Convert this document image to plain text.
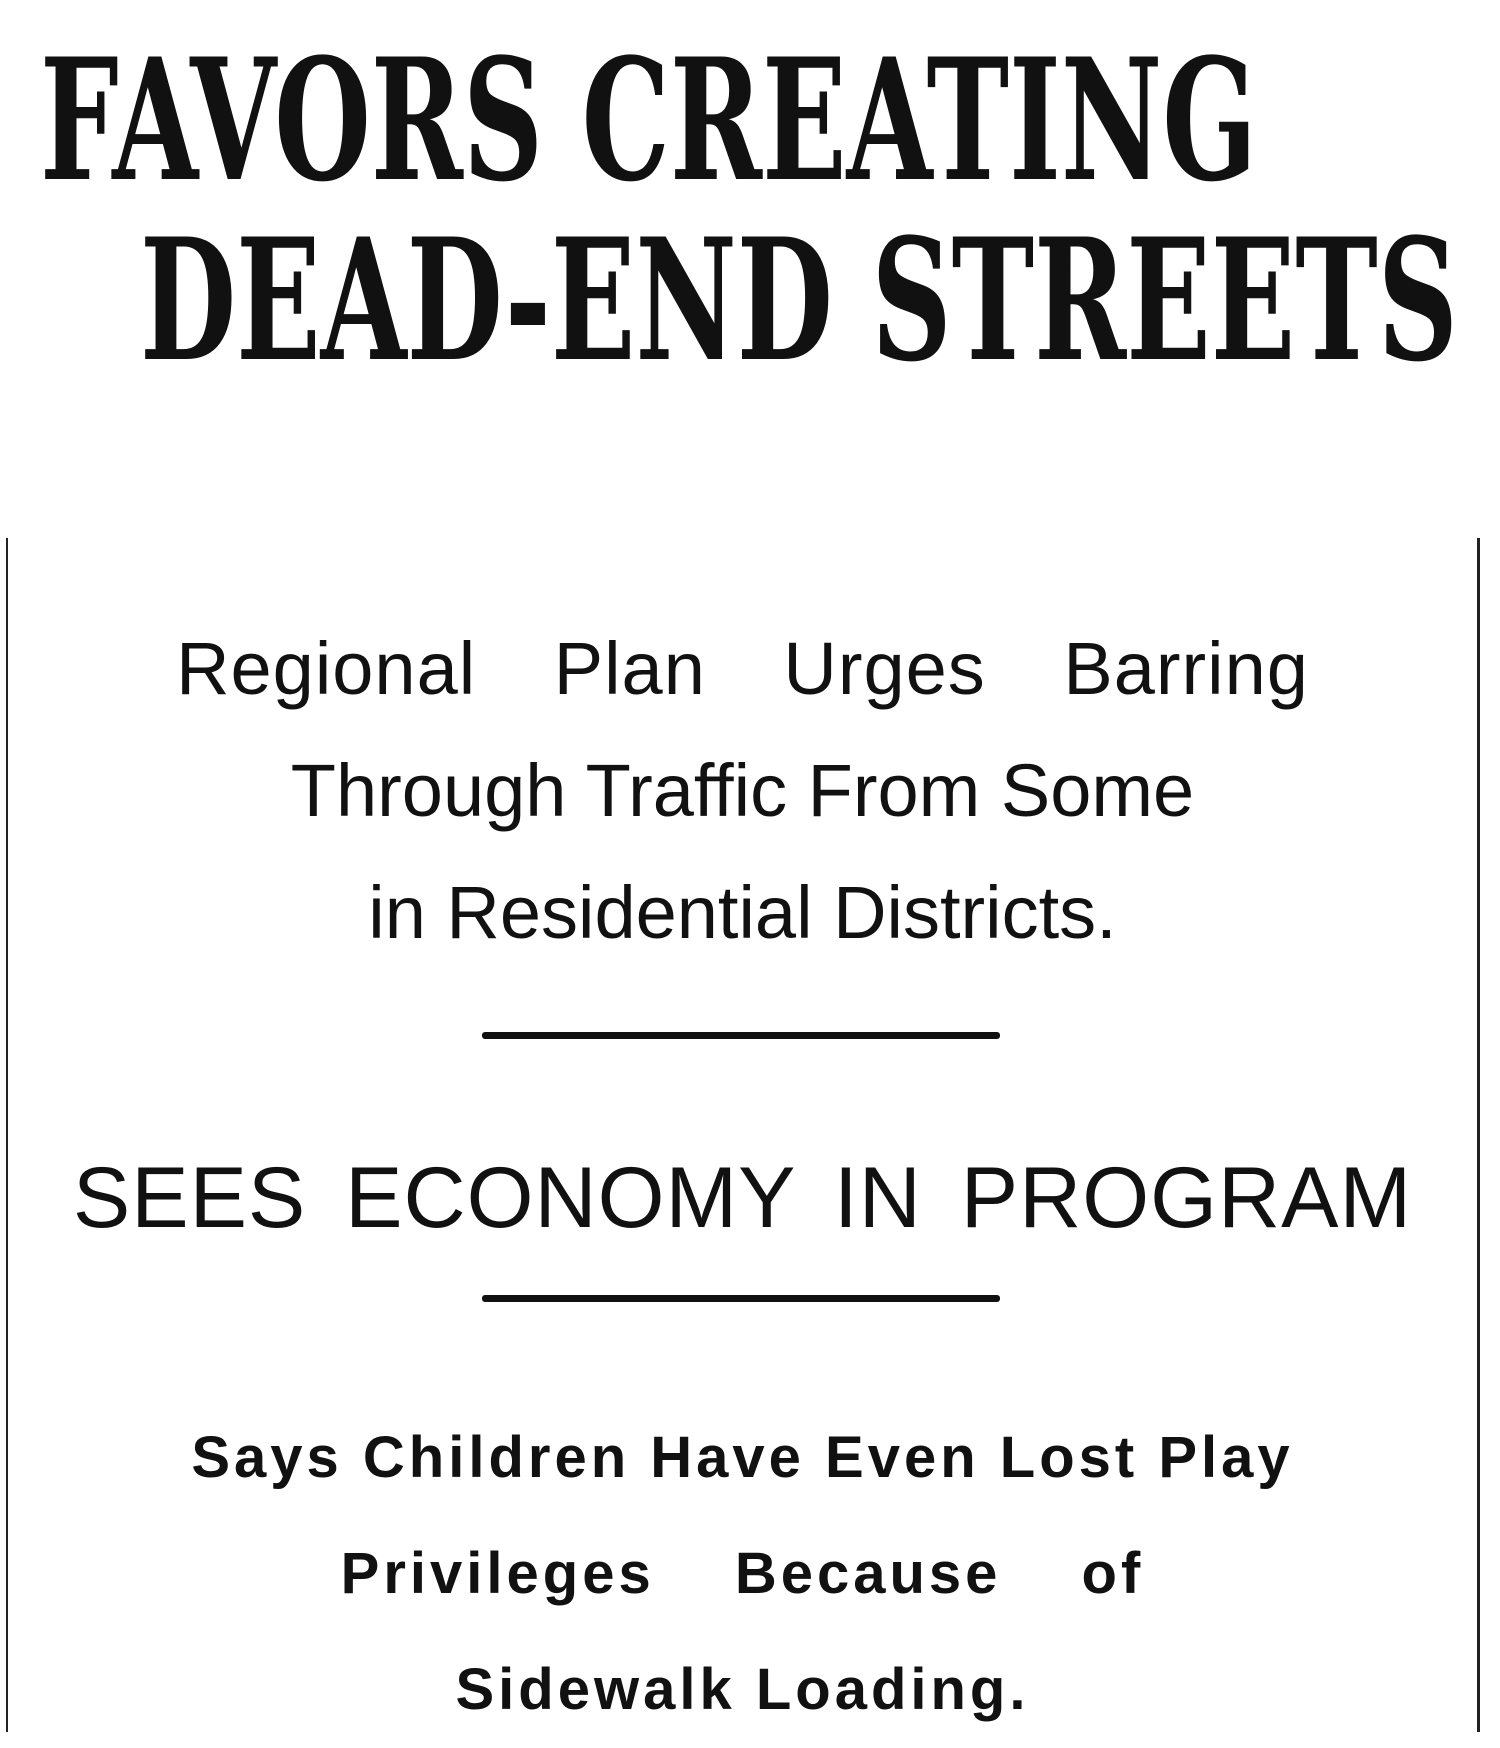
FAVORS CREATING
DEAD-END STREETS
Regional Plan Urges Barring
Through Traffic From Some
in Residential Districts.
SEES ECONOMY IN PROGRAM
Says Children Have Even Lost Play
Privileges Because of
Sidewalk Loading.
